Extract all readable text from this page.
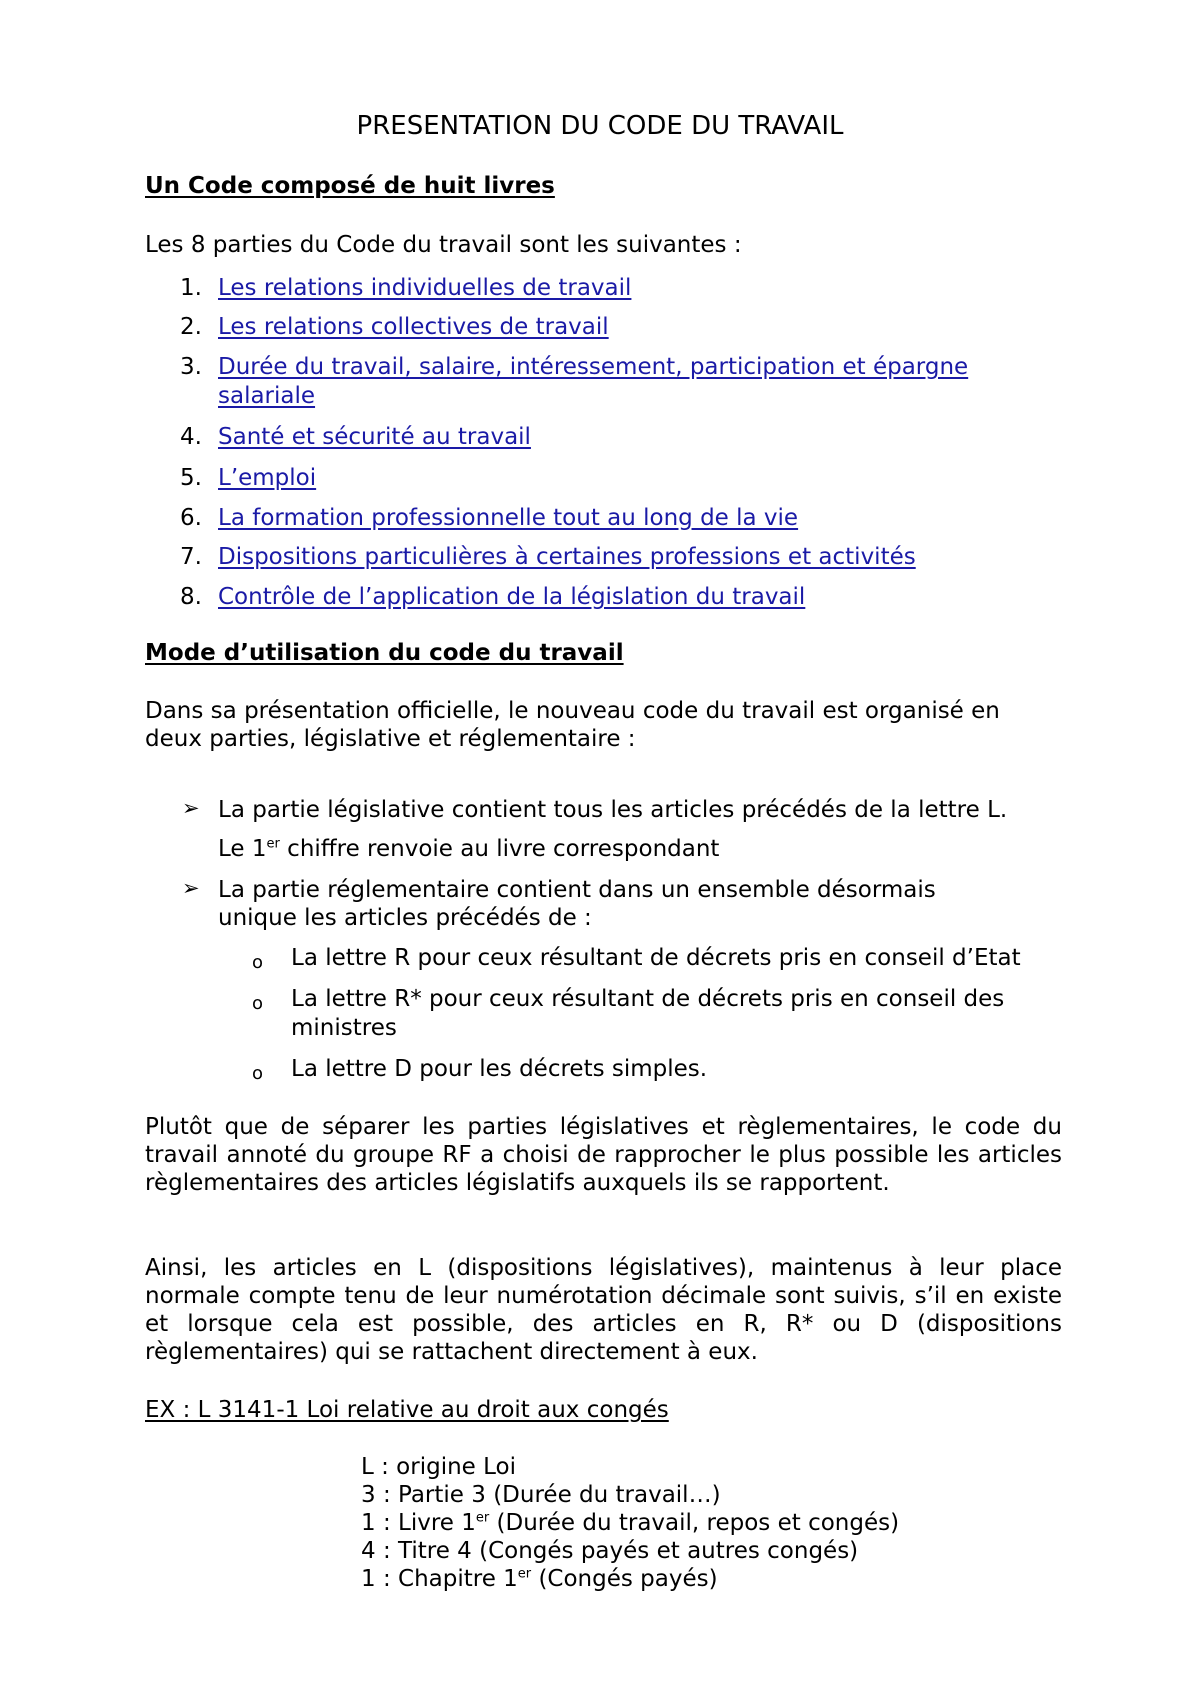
PRESENTATION DU CODE DU TRAVAIL
Un Code composé de huit livres
Les 8 parties du Code du travail sont les suivantes :
1. Les relations individuelles de travail
2. Les relations collectives de travail
3. Durée du travail, salaire, intéressement, participation et épargne
salariale
4. Santé et sécurité au travail
5. L’emploi
6. La formation professionnelle tout au long de la vie
7. Dispositions particulières à certaines professions et activités
8. Contrôle de l’application de la législation du travail
Mode d’utilisation du code du travail
Dans sa présentation officielle, le nouveau code du travail est organisé en
deux parties, législative et réglementaire :
➢ La partie législative contient tous les articles précédés de la lettre L.
Le 1er chiffre renvoie au livre correspondant
➢ La partie réglementaire contient dans un ensemble désormais
unique les articles précédés de :
o La lettre R pour ceux résultant de décrets pris en conseil d’Etat
o La lettre R* pour ceux résultant de décrets pris en conseil des
ministres
o La lettre D pour les décrets simples.
Plutôt que de séparer les parties législatives et règlementaires, le code du travail annoté du groupe RF a choisi de rapprocher le plus possible les articles règlementaires des articles législatifs auxquels ils se rapportent.
Ainsi, les articles en L (dispositions législatives), maintenus à leur place normale compte tenu de leur numérotation décimale sont suivis, s’il en existe et lorsque cela est possible, des articles en R, R* ou D (dispositions règlementaires) qui se rattachent directement à eux.
EX : L 3141-1 Loi relative au droit aux congés
L : origine Loi
3 : Partie 3 (Durée du travail…)
1 : Livre 1er (Durée du travail, repos et congés)
4 : Titre 4 (Congés payés et autres congés)
1 : Chapitre 1er (Congés payés)
